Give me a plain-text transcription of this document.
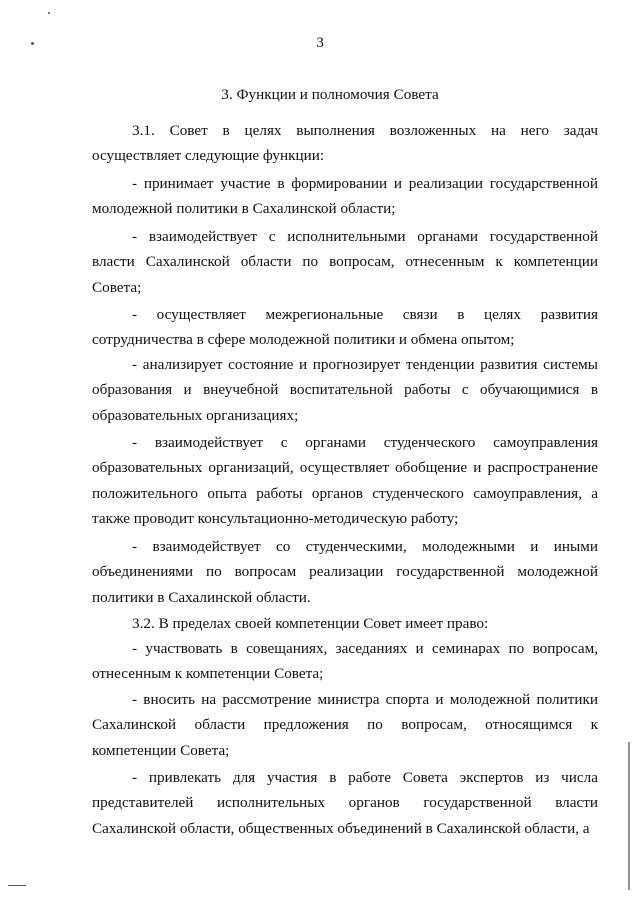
3
3. Функции и полномочия Совета

3.1. Совет в целях выполнения возложенных на него задач осуществляет следующие функции:

- принимает участие в формировании и реализации государственной молодежной политики в Сахалинской области;

- взаимодействует с исполнительными органами государственной власти Сахалинской области по вопросам, отнесенным к компетенции Совета;

- осуществляет межрегиональные связи в целях развития сотрудничества в сфере молодежной политики и обмена опытом;

- анализирует состояние и прогнозирует тенденции развития системы образования и внеучебной воспитательной работы с обучающимися в образовательных организациях;

- взаимодействует с органами студенческого самоуправления образовательных организаций, осуществляет обобщение и распространение положительного опыта работы органов студенческого самоуправления, а также проводит консультационно-методическую работу;

- взаимодействует со студенческими, молодежными и иными объединениями по вопросам реализации государственной молодежной политики в Сахалинской области.

3.2. В пределах своей компетенции Совет имеет право:

- участвовать в совещаниях, заседаниях и семинарах по вопросам, отнесенным к компетенции Совета;

- вносить на рассмотрение министра спорта и молодежной политики Сахалинской области предложения по вопросам, относящимся к компетенции Совета;

- привлекать для участия в работе Совета экспертов из числа представителей исполнительных органов государственной власти Сахалинской области, общественных объединений в Сахалинской области, а
